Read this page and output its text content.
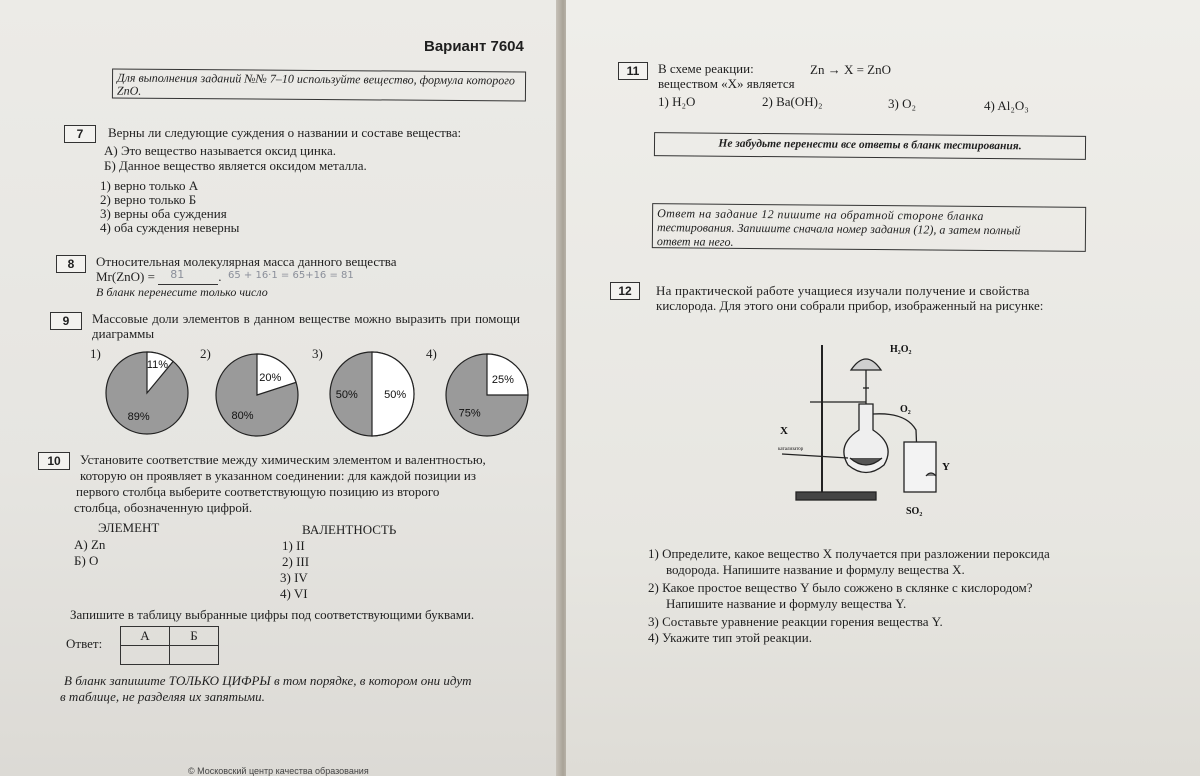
Вариант 7604
Для выполнения заданий №№ 7–10 используйте вещество, формула которого ZnO.
7	Верны ли следующие суждения о названии и составе вещества:
А) Это вещество называется оксид цинка.
Б) Данное вещество является оксидом металла.
1) верно только А
2) верно только Б
3) верны оба суждения
4) оба суждения неверны
8	Относительная молекулярная масса данного вещества
Mr(ZnO) = 81	. 65 + 16·1 = 65+16 = 81
В бланк перенесите только число
9	Массовые доли элементов в данном веществе можно выразить при помощи диаграммы
1)	2)	3)	4)
11%
89%
20%
80%
50%
50%
25%
75%
10	Установите соответствие между химическим элементом и валентностью,
которую он проявляет в указанном соединении: для каждой позиции из
первого столбца выберите соответствующую позицию из второго
столбца, обозначенную цифрой.
ЭЛЕМЕНТ	ВАЛЕНТНОСТЬ
А) Zn
Б) O
1) II
2) III
3) IV
4) VI
Запишите в таблицу выбранные цифры под соответствующими буквами.
Ответ:
А	Б

В бланк запишите ТОЛЬКО ЦИФРЫ в том порядке, в котором они идут
в таблице, не разделяя их запятыми.
© Московский центр качества образования
11	В схеме реакции:	Zn → X = ZnO
веществом «Х» является
1) H₂O	2) Ba(OH)₂	3) O₂	4) Al₂O₃
Не забудьте перенести все ответы в бланк тестирования.
Ответ на задание 12 пишите на обратной стороне бланка
тестирования. Запишите сначала номер задания (12), а затем полный
ответ на него.
12	На практической работе учащиеся изучали получение и свойства
кислорода. Для этого они собрали прибор, изображенный на рисунке:
H₂O₂
O₂
X
катализатор
Y
SO₂
1) Определите, какое вещество X получается при разложении пероксида
водорода. Напишите название и формулу вещества X.
2) Какое простое вещество Y было сожжено в склянке с кислородом?
Напишите название и формулу вещества Y.
3) Составьте уравнение реакции горения вещества Y.
4) Укажите тип этой реакции.
